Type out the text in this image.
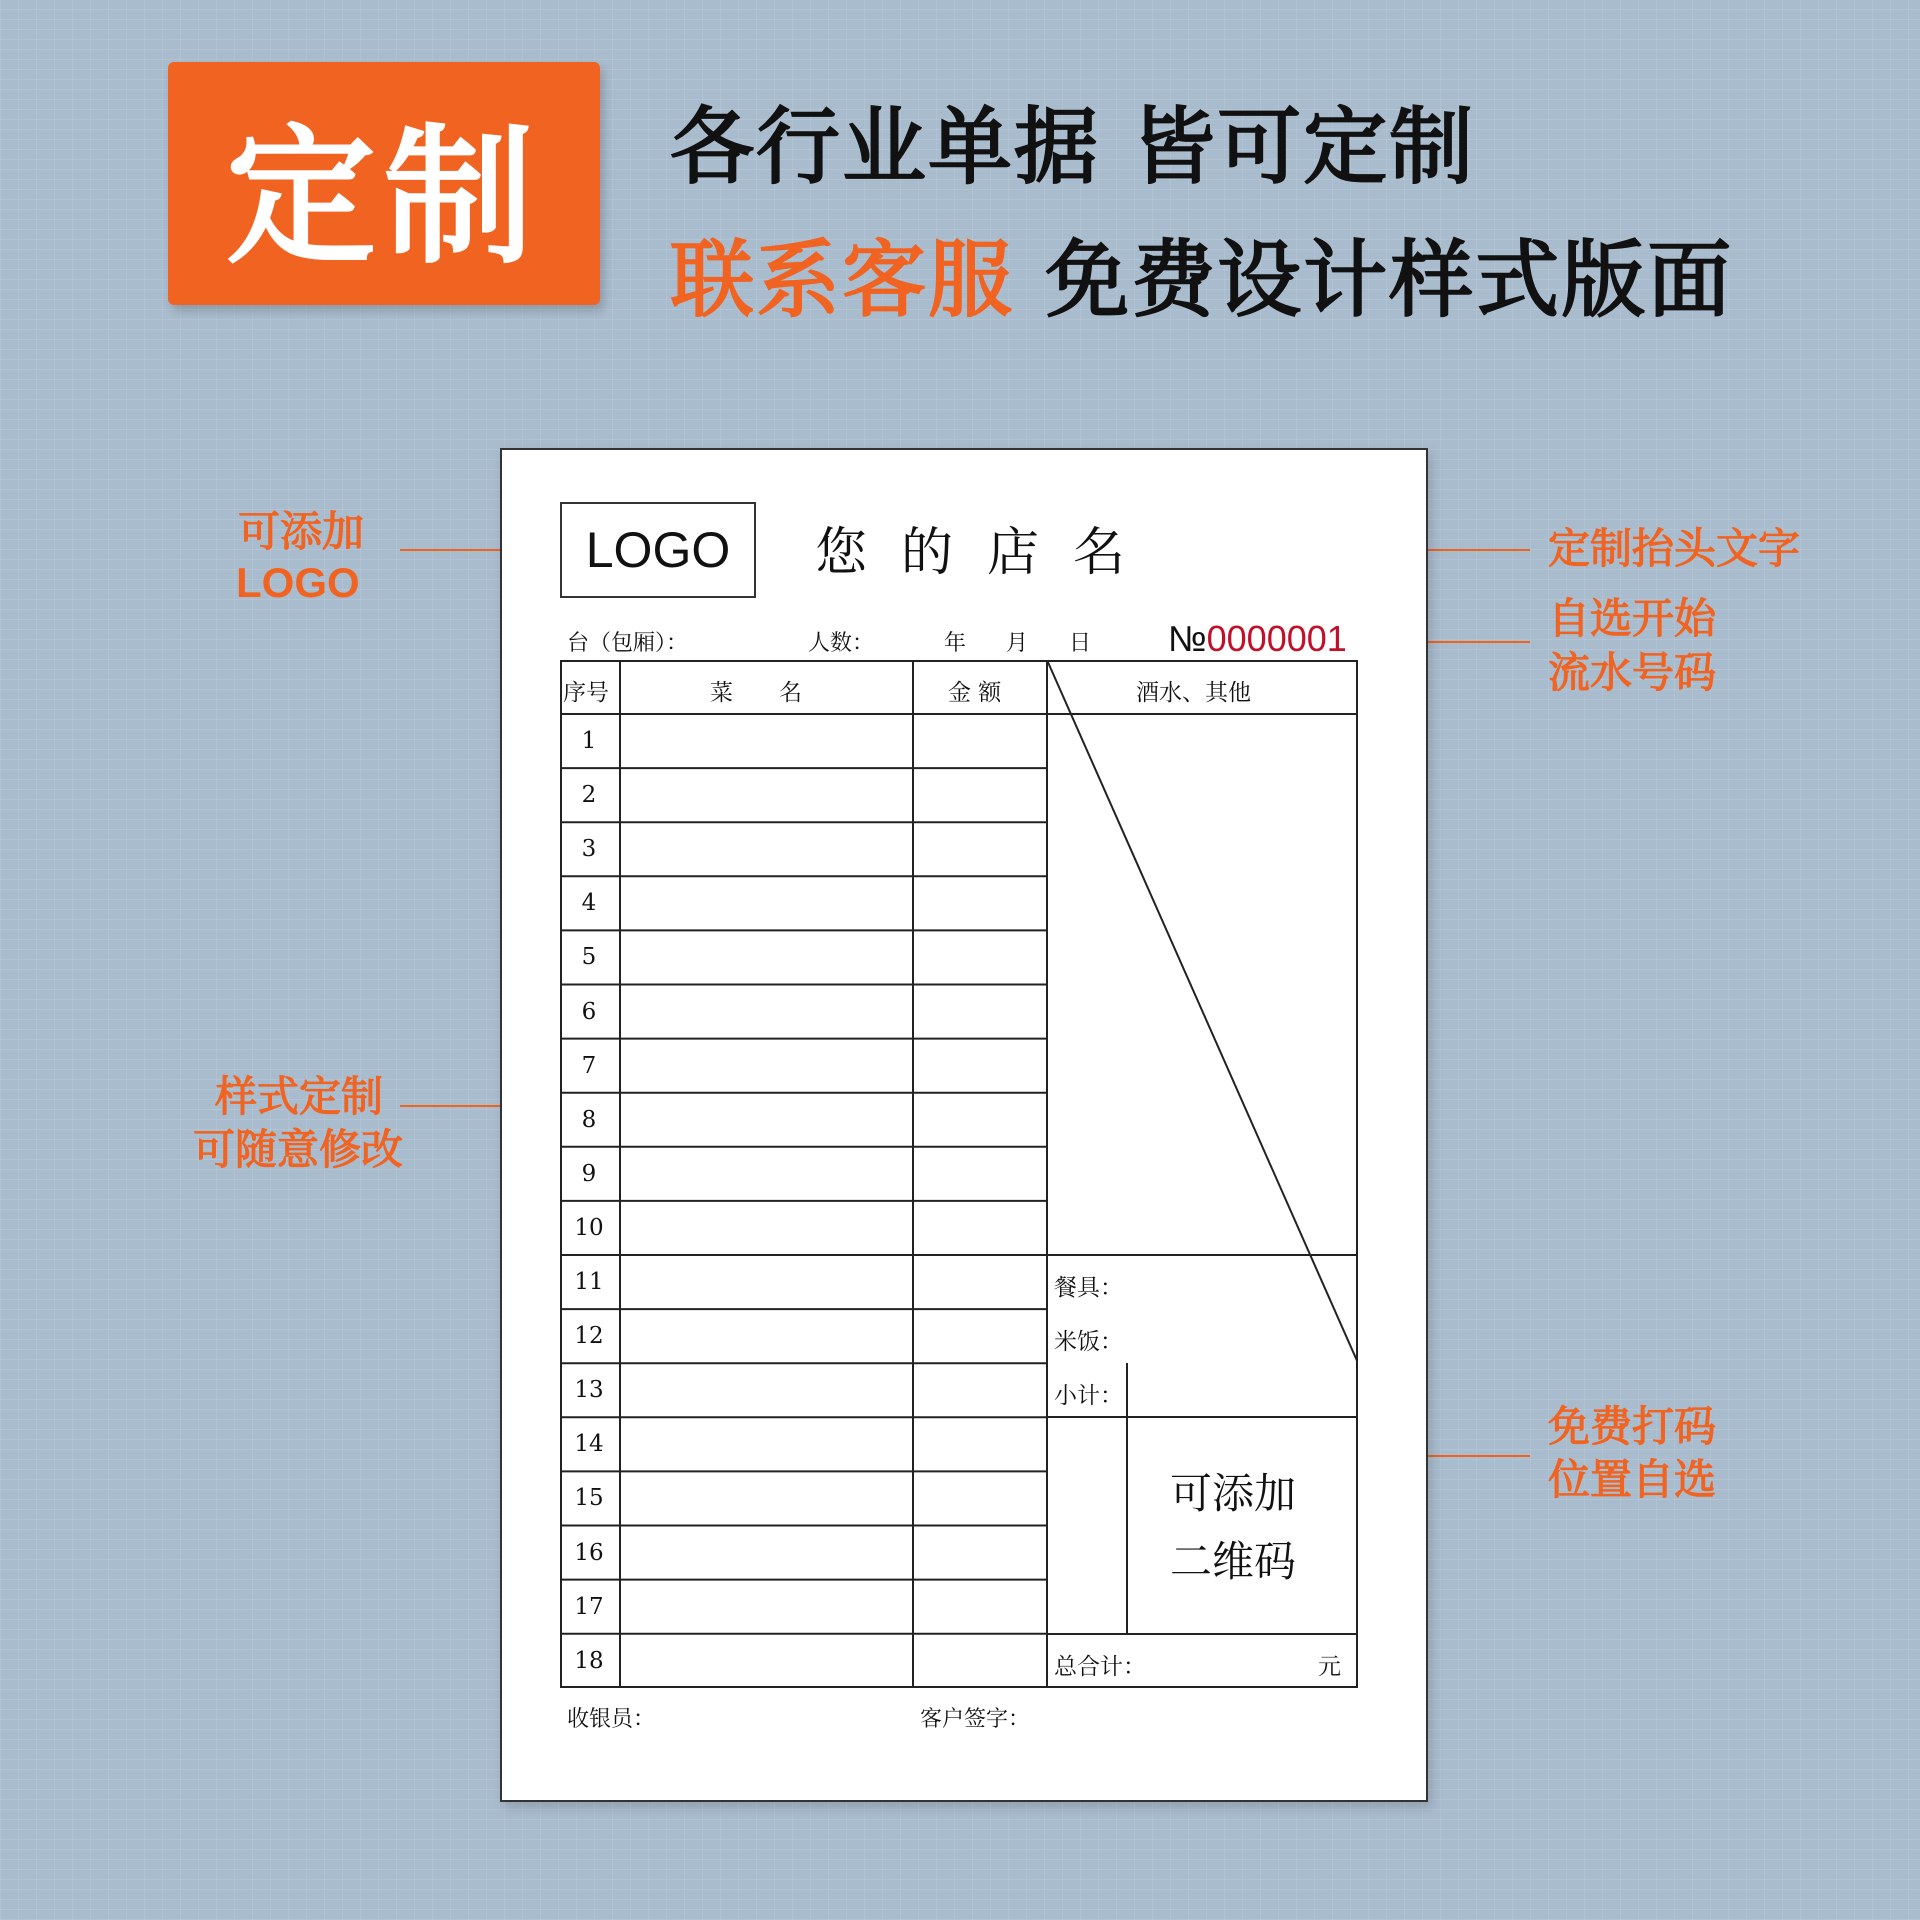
定制 各行业单据 皆可定制
联系客服 免费设计样式版面
可添加
LOGO
样式定制
可随意修改
定制抬头文字
自选开始
流水号码
免费打码
位置自选
LOGO 您的店名
台（包厢）：	人数：	年 月 日 №0000001
序号	菜　　名	金 额	酒水、其他
1
2
3
4
5
6
7
8
9
10
11
12
13
14
15
16
17
18
餐具：
米饭：
小计：
可添加
二维码
总合计：	元
收银员：	客户签字：
